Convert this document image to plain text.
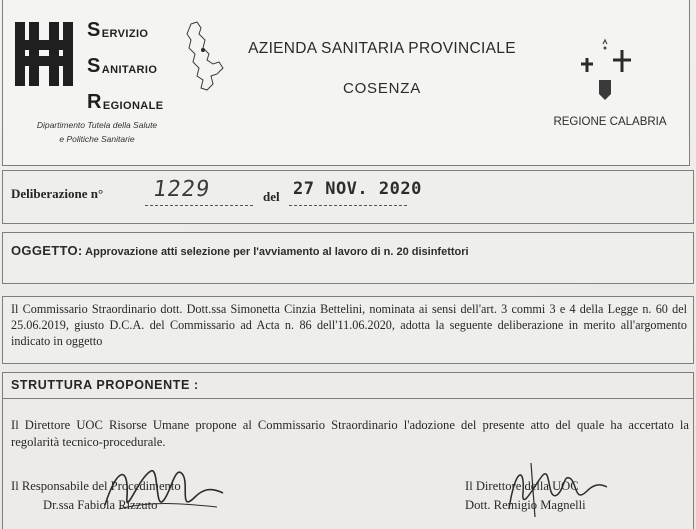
S ERVIZIO
S ANITARIO
R EGIONALE
Dipartimento Tutela della Salute
e Politiche Sanitarie
AZIENDA SANITARIA PROVINCIALE
COSENZA
REGIONE CALABRIA
Deliberazione n° 1229	del 27 NOV. 2020
OGGETTO: Approvazione atti selezione per l'avviamento al lavoro di n. 20 disinfettori

Il Commissario Straordinario dott. Dott.ssa Simonetta Cinzia Bettelini, nominata ai sensi dell'art. 3 commi 3 e 4 della Legge n. 60 del 25.06.2019, giusto D.C.A. del Commissario ad Acta n. 86 dell'11.06.2020, adotta la seguente deliberazione in merito all'argomento indicato in oggetto

STRUTTURA PROPONENTE :

Il Direttore UOC Risorse Umane propone al Commissario Straordinario l'adozione del presente atto del quale ha accertato la regolarità tecnico-procedurale.

Il Responsabile del Procedimento
Dr.ssa Fabiola Rizzuto
Il Direttore della UOC
Dott. Remigio Magnelli
